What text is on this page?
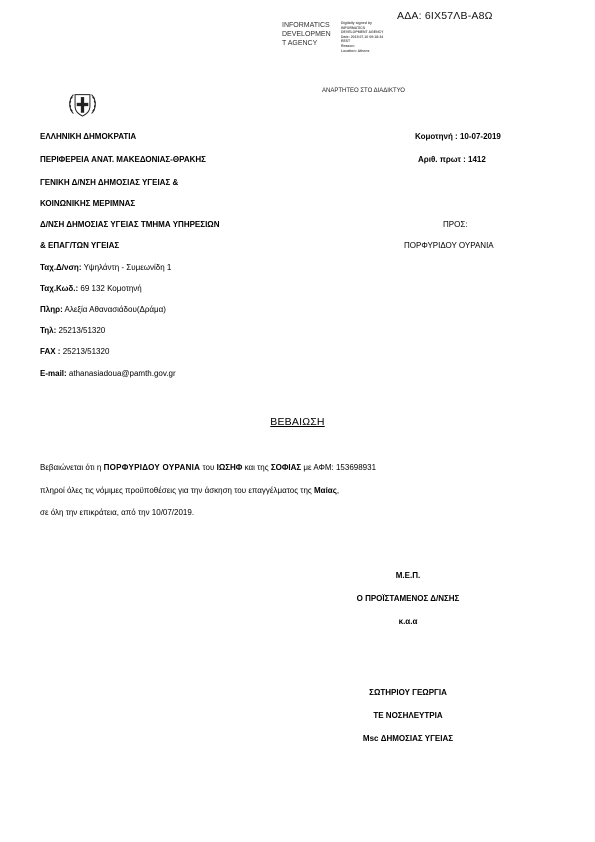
ΑΔΑ: 6ΙΧ57ΛΒ-Α8Ω
INFORMATICS
DEVELOPMEN
T AGENCY
Digitally signed by
INFORMATICS
DEVELOPMENT AGENCY
Date: 2019.07.10 09:18:34
EEST
Reason:
Location: Athens
ΑΝΑΡΤΗΤΕΟ ΣΤΟ ΔΙΑΔΙΚΤΥΟ
ΕΛΛΗΝΙΚΗ ΔΗΜΟΚΡΑΤΙΑ
ΠΕΡΙΦΕΡΕΙΑ ΑΝΑΤ. ΜΑΚΕΔΟΝΙΑΣ-ΘΡΑΚΗΣ
ΓΕΝΙΚΗ Δ/ΝΣΗ ΔΗΜΟΣΙΑΣ ΥΓΕΙΑΣ &
ΚΟΙΝΩΝΙΚΗΣ ΜΕΡΙΜΝΑΣ
Δ/ΝΣΗ ΔΗΜΟΣΙΑΣ ΥΓΕΙΑΣ ΤΜΗΜΑ ΥΠΗΡΕΣΙΩΝ
& ΕΠΑΓ/ΤΩΝ ΥΓΕΙΑΣ
Κομοτηνή : 10-07-2019
Αριθ. πρωτ : 1412
ΠΡΟΣ:
ΠΟΡΦΥΡΙΔΟΥ ΟΥΡΑΝΙΑ
Ταχ.Δ/νση: Υψηλάντη - Συμεωνίδη 1
Ταχ.Κωδ.: 69 132 Κομοτηνή
Πληρ: Αλεξία Αθανασιάδου(Δράμα)
Τηλ: 25213/51320
FAX : 25213/51320
E-mail: athanasiadoua@pamth.gov.gr
ΒΕΒΑΙΩΣΗ
Βεβαιώνεται ότι η ΠΟΡΦΥΡΙΔΟΥ ΟΥΡΑΝΙΑ του ΙΩΣΗΦ και της ΣΟΦΙΑΣ με ΑΦΜ: 153698931
πληροί όλες τις νόμιμες προϋποθέσεις για την άσκηση του επαγγέλματος της Μαίας,
σε όλη την επικράτεια, από την 10/07/2019.
Μ.Ε.Π.
Ο ΠΡΟΪΣΤΑΜΕΝΟΣ Δ/ΝΣΗΣ
κ.α.α
ΣΩΤΗΡΙΟΥ ΓΕΩΡΓΙΑ
ΤΕ ΝΟΣΗΛΕΥΤΡΙΑ
Msc ΔΗΜΟΣΙΑΣ ΥΓΕΙΑΣ
